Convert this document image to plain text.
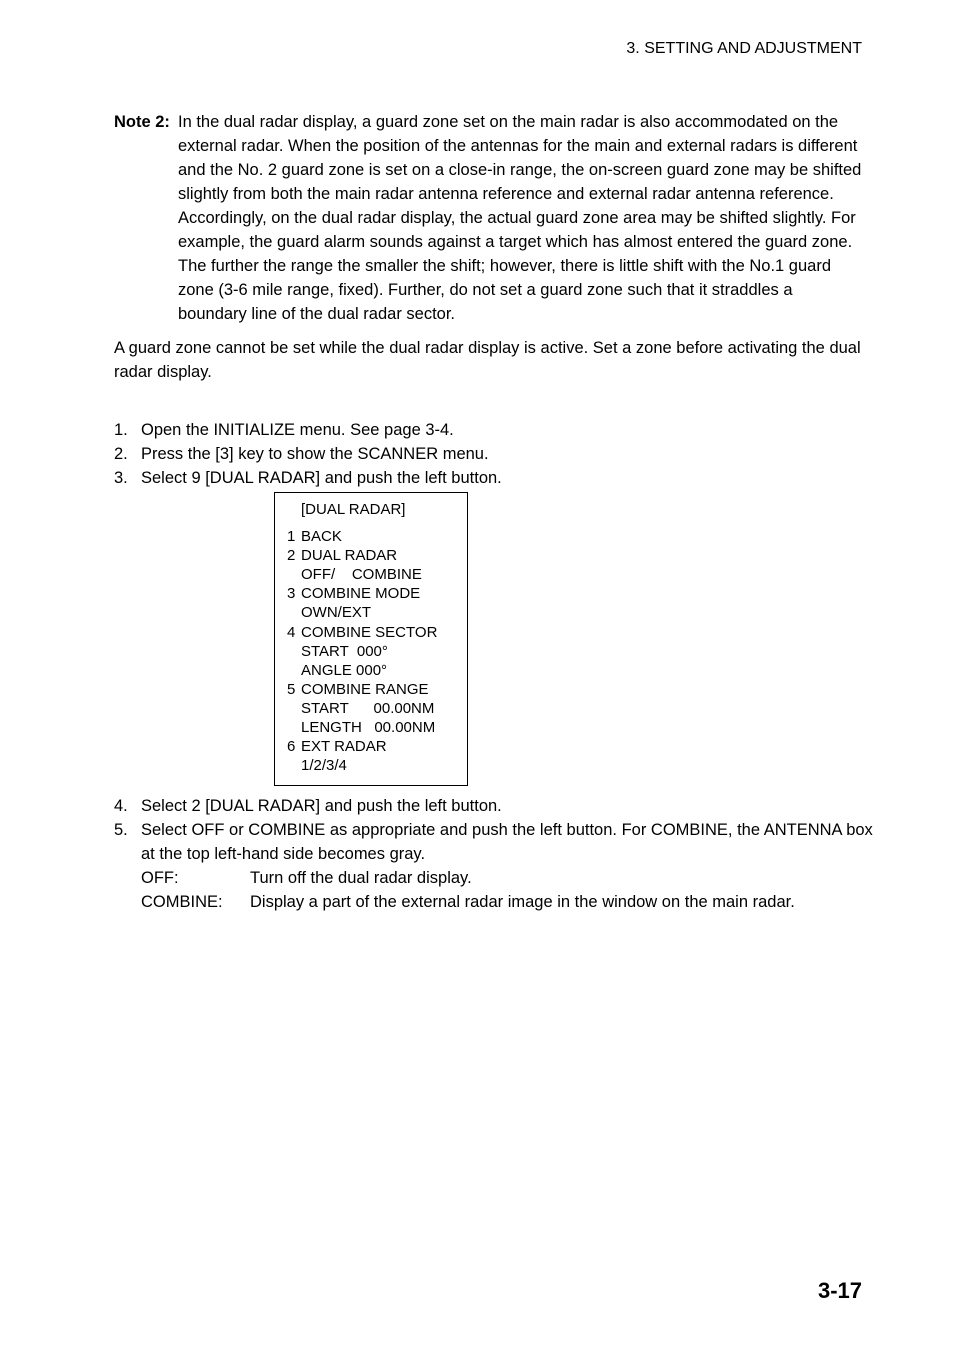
3. SETTING AND ADJUSTMENT
Note 2: In the dual radar display, a guard zone set on the main radar is also accommodated on the external radar. When the position of the antennas for the main and external radars is different and the No. 2 guard zone is set on a close-in range, the on-screen guard zone may be shifted slightly from both the main radar antenna reference and external radar antenna reference. Accordingly, on the dual radar display, the actual guard zone area may be shifted slightly. For example, the guard alarm sounds against a target which has almost entered the guard zone. The further the range the smaller the shift; however, there is little shift with the No.1 guard zone (3-6 mile range, fixed). Further, do not set a guard zone such that it straddles a boundary line of the dual radar sector.
A guard zone cannot be set while the dual radar display is active. Set a zone before activating the dual radar display.
1. Open the INITIALIZE menu. See page 3-4.
2. Press the [3] key to show the SCANNER menu.
3. Select 9 [DUAL RADAR] and push the left button.
[DUAL RADAR]
1 BACK
2 DUAL RADAR
OFF/    COMBINE
3 COMBINE MODE
OWN/EXT
4 COMBINE SECTOR
START  000°
ANGLE 000°
5 COMBINE RANGE
START      00.00NM
LENGTH   00.00NM
6 EXT RADAR
1/2/3/4
4. Select 2 [DUAL RADAR] and push the left button.
5. Select OFF or COMBINE as appropriate and push the left button. For COMBINE, the ANTENNA box at the top left-hand side becomes gray.
OFF:	Turn off the dual radar display.
COMBINE:	Display a part of the external radar image in the window on the main radar.
3-17
